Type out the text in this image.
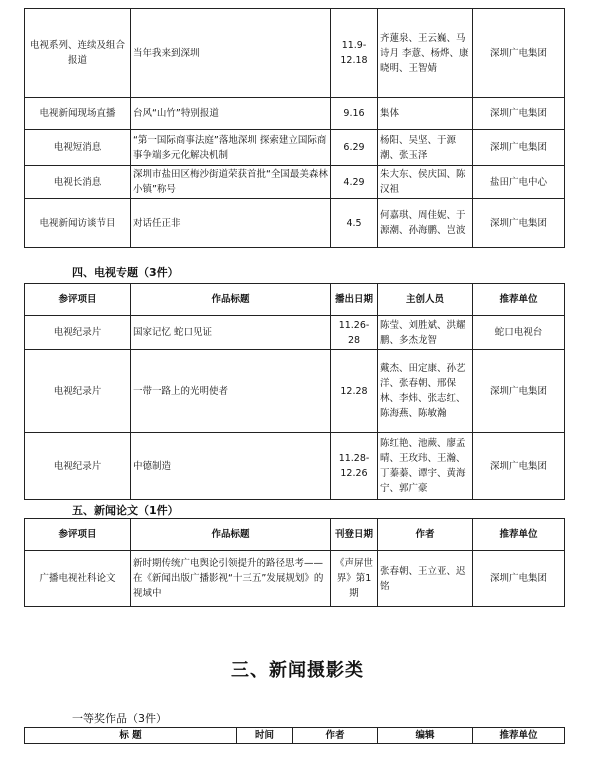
电视系列、连续及组合报道	当年我来到深圳	11.9-12.18	齐蓮泉、王云巍、马诗月 李薏、杨烨、康晓明、王智婧	深圳广电集团
电视新闻现场直播	台风“山竹”特别报道	9.16	集体	深圳广电集团
电视短消息	“第一国际商事法庭”落地深圳 探索建立国际商事争端多元化解决机制	6.29	杨阳、吴坚、于源潮、张玉泽	深圳广电集团
电视长消息	深圳市盐田区梅沙街道荣获首批“全国最美森林小镇”称号	4.29	朱大东、侯庆国、陈汉祖	盐田广电中心
电视新闻访谈节目	对话任正非	4.5	何嘉琪、周佳妮、于源潮、孙海鹏、岂波	深圳广电集团
四、电视专题（3件）
参评项目	作品标题	播出日期	主创人员	推荐单位
电视纪录片	国家记忆 蛇口见证	11.26-28	陈莹、刘胜斌、洪耀鹏、多杰龙智	蛇口电视台
电视纪录片	一带一路上的光明使者	12.28	戴杰、田定康、孙艺洋、张春朝、邢保林、李炜、张志红、陈海燕、陈敏瀚	深圳广电集团
电视纪录片	中德制造	11.28-12.26	陈红艳、池蕨、廖孟晴、王玫玮、王瀚、丁蓁蓁、谭宇、黄海宁、郭广豪	深圳广电集团
五、新闻论文（1件）
参评项目	作品标题	刊登日期	作者	推荐单位
广播电视社科论文	新时期传统广电舆论引领提升的路径思考——在《新闻出版广播影视“十三五”发展规划》的视域中	《声屏世界》第1期	张春朝、王立亚、迟铭	深圳广电集团
三、新闻摄影类
一等奖作品（3件）
标 题	时间	作者	编辑	推荐单位
